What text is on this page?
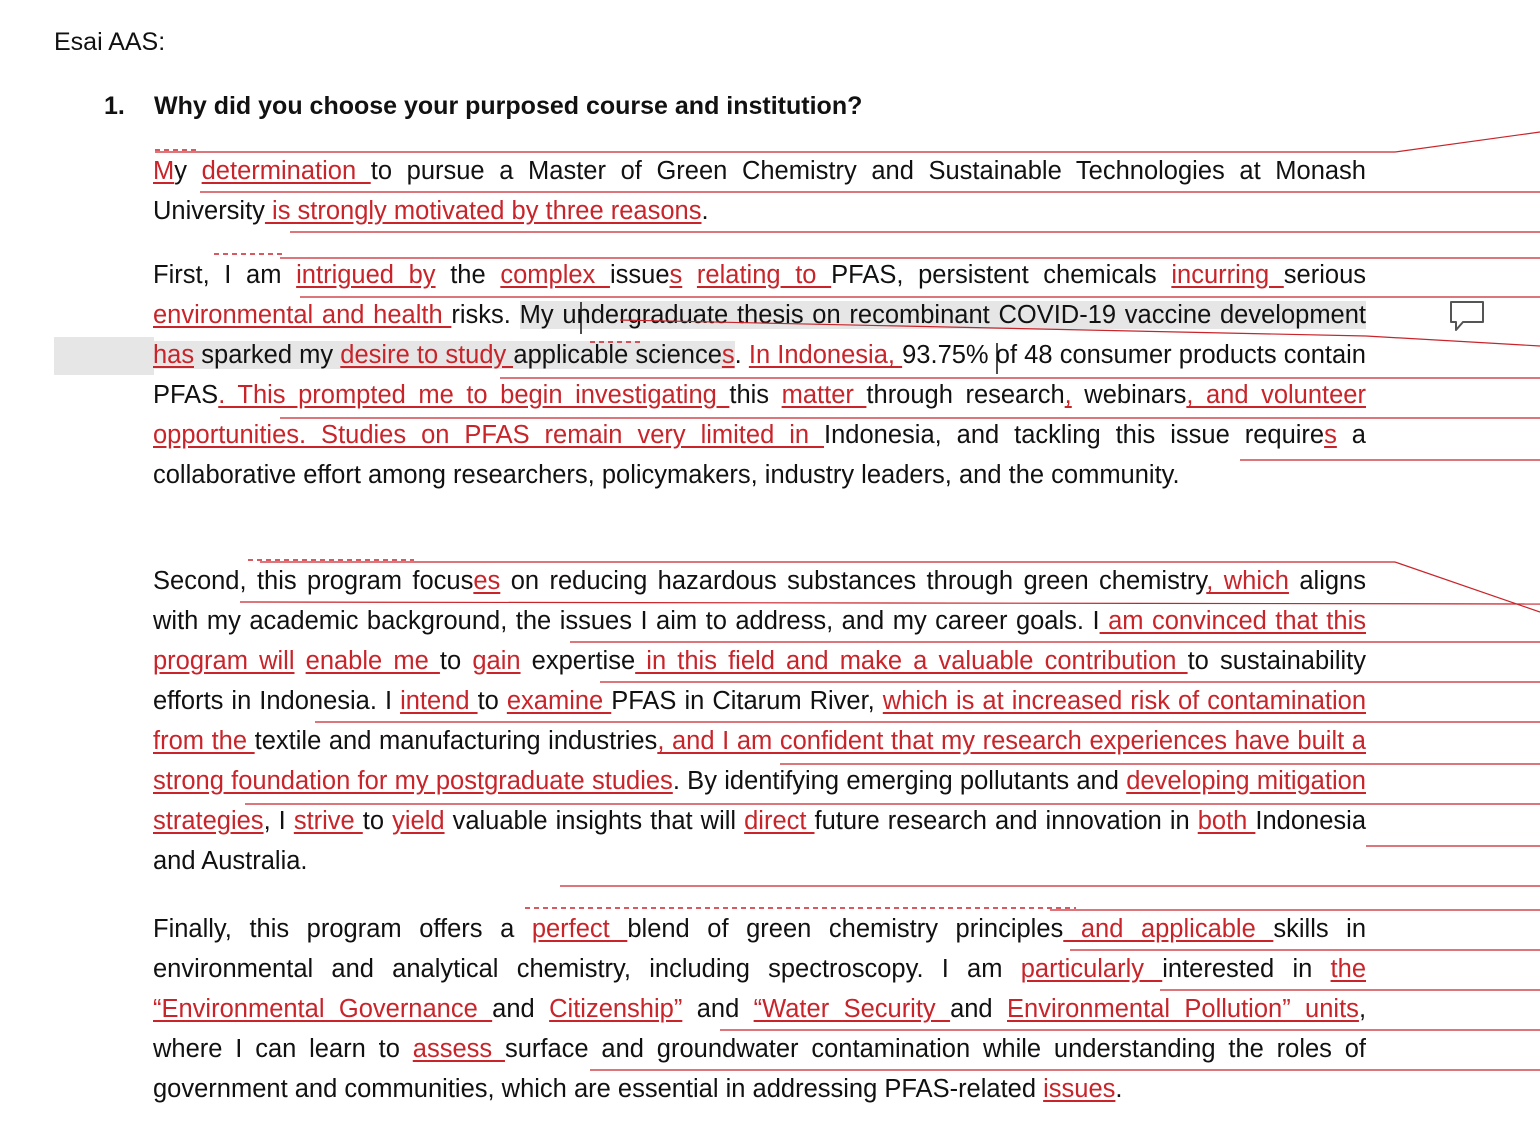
Esai AAS:
1. Why did you choose your purposed course and institution?

My determination to pursue a Master of Green Chemistry and Sustainable Technologies at Monash University is strongly motivated by three reasons.

First, I am intrigued by the complex issues relating to PFAS, persistent chemicals incurring serious environmental and health risks. My undergraduate thesis on recombinant COVID-19 vaccine development has sparked my desire to study applicable sciences. In Indonesia, 93.75% of 48 consumer products contain PFAS. This prompted me to begin investigating this matter through research, webinars, and volunteer opportunities. Studies on PFAS remain very limited in Indonesia, and tackling this issue requires a collaborative effort among researchers, policymakers, industry leaders, and the community.

Second, this program focuses on reducing hazardous substances through green chemistry, which aligns with my academic background, the issues I aim to address, and my career goals. I am convinced that this program will enable me to gain expertise in this field and make a valuable contribution to sustainability efforts in Indonesia. I intend to examine PFAS in Citarum River, which is at increased risk of contamination from the textile and manufacturing industries, and I am confident that my research experiences have built a strong foundation for my postgraduate studies. By identifying emerging pollutants and developing mitigation strategies, I strive to yield valuable insights that will direct future research and innovation in both Indonesia and Australia.

Finally, this program offers a perfect blend of green chemistry principles and applicable skills in environmental and analytical chemistry, including spectroscopy. I am particularly interested in the “Environmental Governance and Citizenship” and “Water Security and Environmental Pollution” units, where I can learn to assess surface and groundwater contamination while understanding the roles of government and communities, which are essential in addressing PFAS-related issues.
